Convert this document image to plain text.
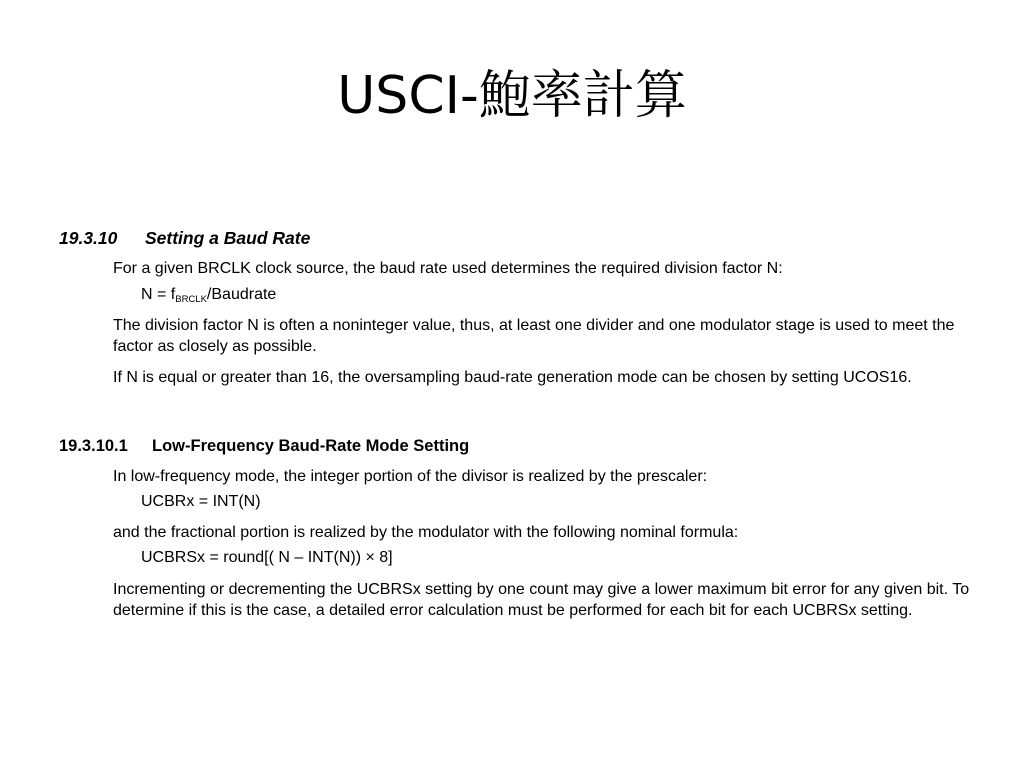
USCI-鮑率計算
19.3.10 Setting a Baud Rate
For a given BRCLK clock source, the baud rate used determines the required division factor N:
$N = f_{BRCLK}$/Baudrate
The division factor N is often a noninteger value, thus, at least one divider and one modulator stage is used to meet the factor as closely as possible.
If N is equal or greater than 16, the oversampling baud-rate generation mode can be chosen by setting UCOS16.
19.3.10.1 Low-Frequency Baud-Rate Mode Setting
In low-frequency mode, the integer portion of the divisor is realized by the prescaler:
UCBRx = INT(N)
and the fractional portion is realized by the modulator with the following nominal formula:
UCBRSx = round[( N – INT(N)) × 8]
Incrementing or decrementing the UCBRSx setting by one count may give a lower maximum bit error for any given bit. To determine if this is the case, a detailed error calculation must be performed for each bit for each UCBRSx setting.
